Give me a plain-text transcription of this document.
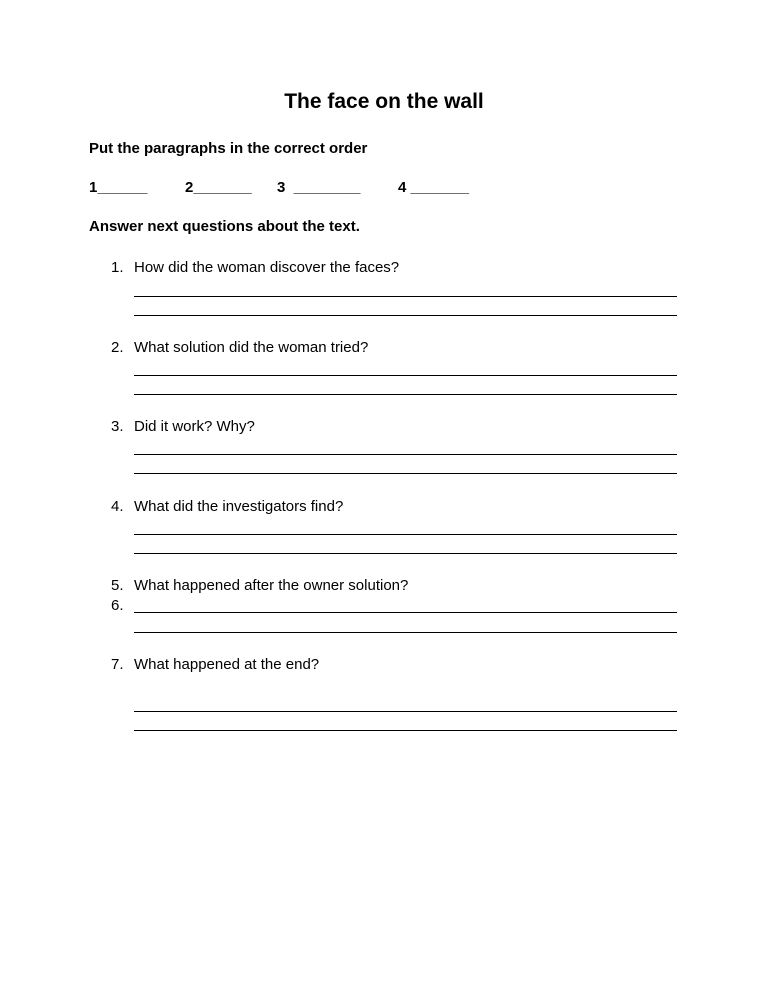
The face on the wall
Put the paragraphs in the correct order
1______	2_______ 3  ________	4 _______
Answer next questions about the text.
1. How did the woman discover the faces?
2. What solution did the woman tried?
3. Did it work? Why?
4. What did the investigators find?
5. What happened after the owner solution?
6.
7. What happened at the end?
